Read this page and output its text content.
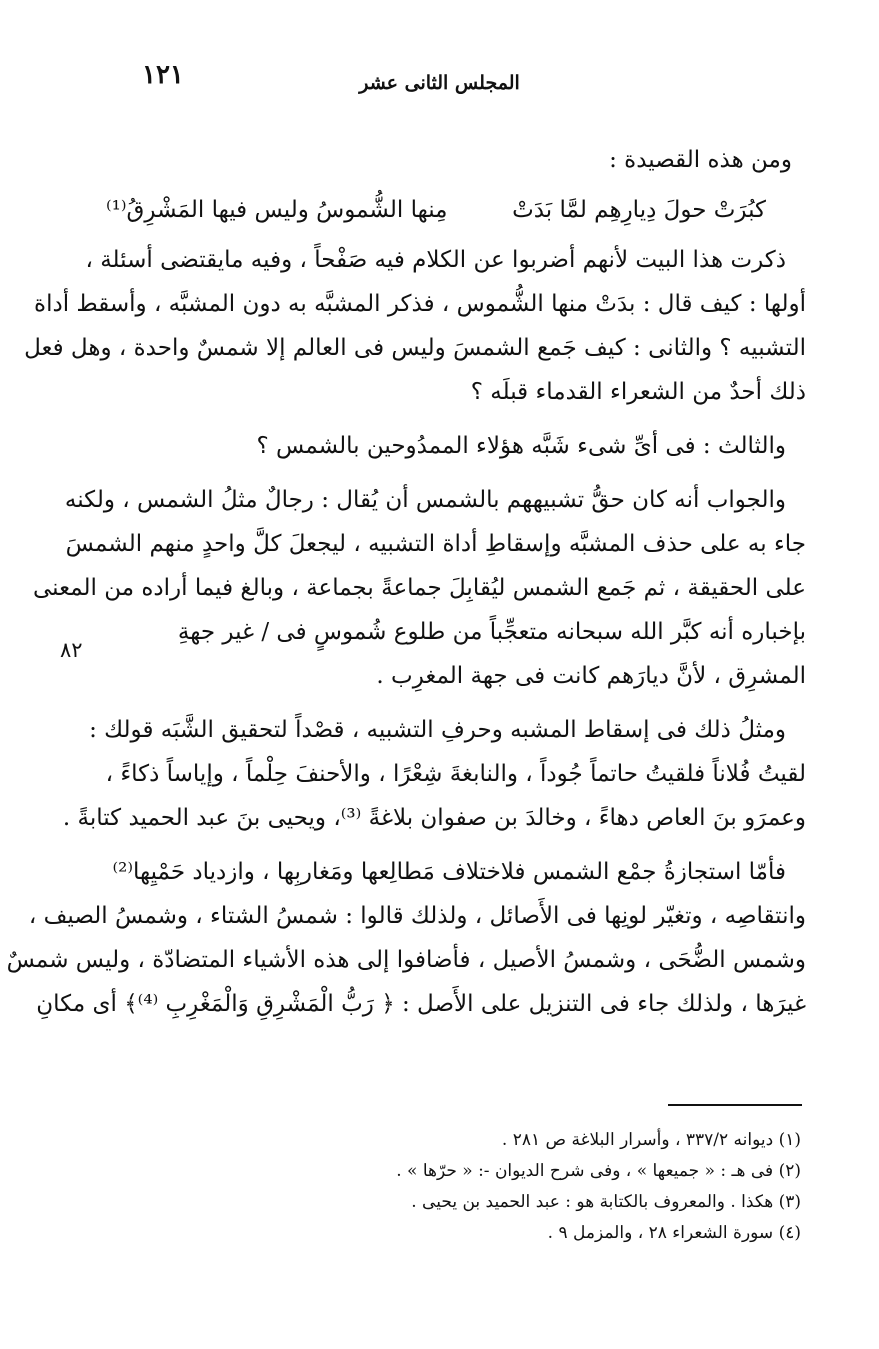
١٢١	المجلس الثانى عشر
ومن هذه القصيدة :
كبُرَتْ حولَ دِيارِهِم لمَّا بَدَتْ
مِنها الشُّموسُ وليس فيها المَشْرِقُ⁽¹⁾
ذكرت هذا البيت لأنهم أضربوا عن الكلام فيه صَفْحاً ، وفيه مايقتضى أسئلة ،
أولها : كيف قال : بدَتْ منها الشُّموس ، فذكر المشبَّه به دون المشبَّه ، وأسقط أداة
التشبيه ؟ والثانى : كيف جَمع الشمسَ وليس فى العالم إلا شمسٌ واحدة ، وهل فعل
ذلك أحدٌ من الشعراء القدماء قبلَه ؟
والثالث : فى أىِّ شىء شَبَّه هؤلاء الممدُوحين بالشمس ؟
والجواب أنه كان حقُّ تشبيههم بالشمس أن يُقال : رجالٌ مثلُ الشمس ، ولكنه
جاء به على حذف المشبَّه وإسقاطِ أداة التشبيه ، ليجعلَ كلَّ واحدٍ منهم الشمسَ
على الحقيقة ، ثم جَمع الشمس ليُقابِلَ جماعةً بجماعة ، وبالغ فيما أراده من المعنى
بإخباره أنه كبَّر الله سبحانه متعجِّباً من طلوع شُموسٍ فى / غير جهةِ
المشرِق ، لأنَّ ديارَهم كانت فى جهة المغرِب .
ومثلُ ذلك فى إسقاط المشبه وحرفِ التشبيه ، قصْداً لتحقيق الشَّبَه قولك :
لقيتُ فُلاناً فلقيتُ حاتماً جُوداً ، والنابغةَ شِعْرًا ، والأحنفَ حِلْماً ، وإياساً ذكاءً ،
وعمرَو بنَ العاص دهاءً ، وخالدَ بن صفوان بلاغةً ⁽³⁾، ويحيى بنَ عبد الحميد كتابةً .
فأمّا استجازةُ جمْع الشمس فلاختلاف مَطالِعها ومَغاربِها ، وازدياد حَمْيِها⁽²⁾
وانتقاصِه ، وتغيّر لونِها فى الأَصائل ، ولذلك قالوا : شمسُ الشتاء ، وشمسُ الصيف ،
وشمس الضُّحَى ، وشمسُ الأصيل ، فأضافوا إلى هذه الأشياء المتضادّة ، وليس شمسٌ
غيرَها ، ولذلك جاء فى التنزيل على الأَصل : ﴿ رَبُّ الْمَشْرِقِ وَالْمَغْرِبِ ⁽⁴⁾﴾ أى مكانِ
٨٢
(١) ديوانه ٣٣٧/٢ ، وأسرار البلاغة ص ٢٨١ .
(٢) فى هـ : « جميعها » ، وفى شرح الديوان -: « حرّها » .
(٣) هكذا . والمعروف بالكتابة هو : عبد الحميد بن يحيى .
(٤) سورة الشعراء ٢٨ ، والمزمل ٩ .
